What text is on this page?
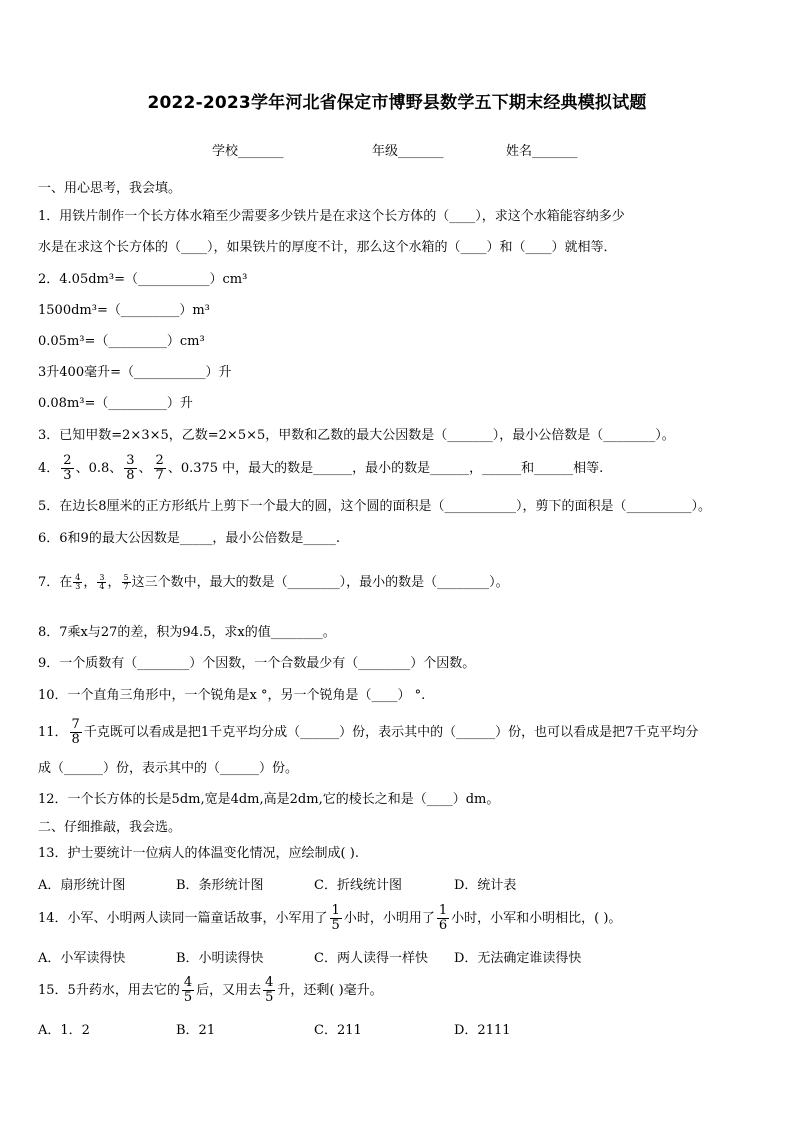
2022-2023学年河北省保定市博野县数学五下期末经典模拟试题
学校_______	年级_______	姓名_______
一、用心思考，我会填。
1．用铁片制作一个长方体水箱至少需要多少铁片是在求这个长方体的（____），求这个水箱能容纳多少
水是在求这个长方体的（____），如果铁片的厚度不计，那么这个水箱的（____）和（____）就相等．
2．4.05dm³=（___________）cm³
1500dm³=（_________）m³
0.05m³=（_________）cm³
3升400毫升=（___________）升
0.08m³=（_________）升
3．已知甲数=2×3×5，乙数=2×5×5，甲数和乙数的最大公因数是（_______），最小公倍数是（________）。
4． $\frac{2}{3}$ 、0.8、 $\frac{3}{8}$ 、 $\frac{2}{7}$ 、0.375 中，最大的数是______，最小的数是______，______和______相等.
5．在边长8厘米的正方形纸片上剪下一个最大的圆，这个圆的面积是（___________），剪下的面积是（__________）。
6．6和9的最大公因数是_____，最小公倍数是_____.
7．在 $\frac{4}{3}$ ， $\frac{3}{4}$ ， $\frac{5}{7}$ 这三个数中，最大的数是（________），最小的数是（________）。
8．7乘x与27的差，积为94.5，求x的值________。
9．一个质数有（________）个因数，一个合数最少有（________）个因数。
10．一个直角三角形中，一个锐角是x °，另一个锐角是（____） °.
11． $\frac{7}{8}$ 千克既可以看成是把1千克平均分成（______）份，表示其中的（______）份，也可以看成是把7千克平均分
成（______）份，表示其中的（______）份。
12．一个长方体的长是5dm,宽是4dm,高是2dm,它的棱长之和是（____）dm。
二、仔细推敲，我会选。
13．护士要统计一位病人的体温变化情况，应绘制成( ).
A．扇形统计图	B．条形统计图	C．折线统计图	D．统计表
14．小军、小明两人读同一篇童话故事，小军用了 $\frac{1}{5}$ 小时，小明用了 $\frac{1}{6}$ 小时，小军和小明相比，( )。
A．小军读得快	B．小明读得快	C．两人读得一样快 D．无法确定谁读得快
15．5升药水，用去它的 $\frac{4}{5}$ 后，又用去 $\frac{4}{5}$ 升，还剩( )毫升。
A．1．2	B．21	C．211	D．2111
